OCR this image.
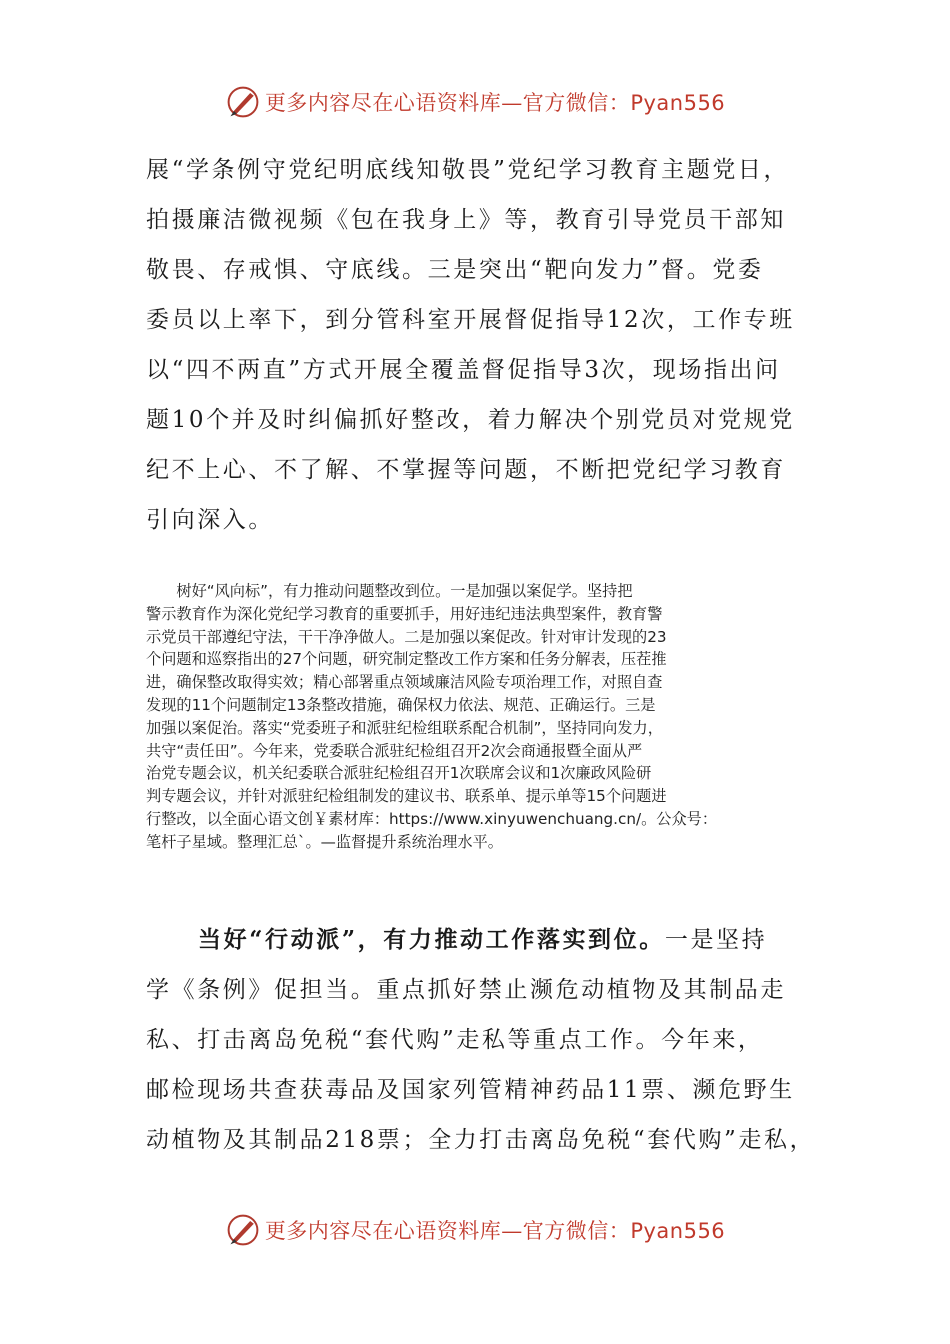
更多内容尽在心语资料库—官方微信：Pyan556

展“学条例守党纪明底线知敬畏”党纪学习教育主题党日，

拍摄廉洁微视频《包在我身上》等，教育引导党员干部知

敬畏、存戒惧、守底线。三是突出“靶向发力”督。党委

委员以上率下，到分管科室开展督促指导12次，工作专班

以“四不两直”方式开展全覆盖督促指导3次，现场指出问

题10个并及时纠偏抓好整改，着力解决个别党员对党规党

纪不上心、不了解、不掌握等问题，不断把党纪学习教育

引向深入。

　　树好“风向标”，有力推动问题整改到位。一是加强以案促学。坚持把

警示教育作为深化党纪学习教育的重要抓手，用好违纪违法典型案件，教育警

示党员干部遵纪守法，干干净净做人。二是加强以案促改。针对审计发现的23

个问题和巡察指出的27个问题，研究制定整改工作方案和任务分解表，压茬推

进，确保整改取得实效；精心部署重点领域廉洁风险专项治理工作，对照自查

发现的11个问题制定13条整改措施，确保权力依法、规范、正确运行。三是

加强以案促治。落实“党委班子和派驻纪检组联系配合机制”，坚持同向发力，

共守“责任田”。今年来，党委联合派驻纪检组召开2次会商通报暨全面从严

治党专题会议，机关纪委联合派驻纪检组召开1次联席会议和1次廉政风险研

判专题会议，并针对派驻纪检组制发的建议书、联系单、提示单等15个问题进

行整改，以全面心语文创￥素材库：https://www.xinyuwenchuang.cn/。公众号：

笔杆子星域。整理汇总`。—监督提升系统治理水平。

当好“行动派”，有力推动工作落实到位。一是坚持

学《条例》促担当。重点抓好禁止濒危动植物及其制品走

私、打击离岛免税“套代购”走私等重点工作。今年来，

邮检现场共查获毒品及国家列管精神药品11票、濒危野生

动植物及其制品218票；全力打击离岛免税“套代购”走私，

更多内容尽在心语资料库—官方微信：Pyan556
